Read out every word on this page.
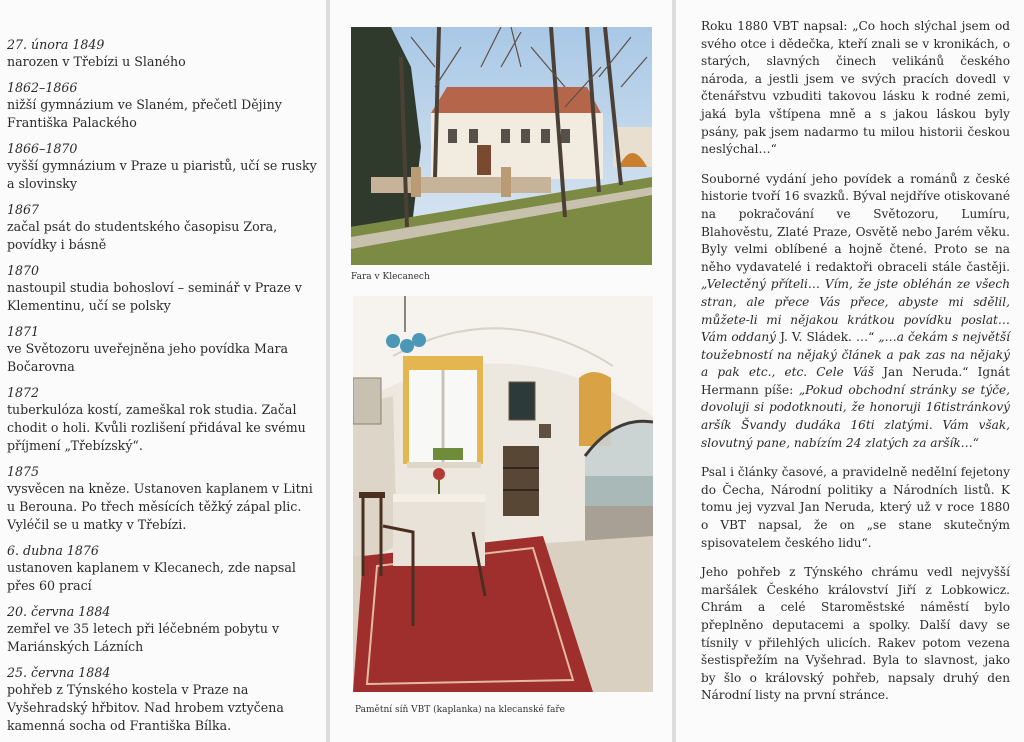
27. února 1849
narozen v Třebízi u Slaného
1862–1866
nižší gymnázium ve Slaném, přečetl Dějiny Františka Palackého
1866–1870
vyšší gymnázium v Praze u piaristů, učí se rusky a slovinsky
1867
začal psát do studentského časopisu Zora, povídky i básně
1870
nastoupil studia bohosloví – seminář v Praze v Klementinu, učí se polsky
1871
ve Světozoru uveřejněna jeho povídka Mara Bočarovna
1872
tuberkulóza kostí, zameškal rok studia. Začal chodit o holi. Kvůli rozlišení přidával ke svému příjmení „Třebízský“.
1875
vysvěcen na kněze. Ustanoven kaplanem v Litni u Berouna. Po třech měsících těžký zápal plic. Vyléčil se u matky v Třebízi.
6. dubna 1876
ustanoven kaplanem v Klecanech, zde napsal přes 60 prací
20. června 1884
zemřel ve 35 letech při léčebném pobytu v Mariánských Lázních
25. června 1884
pohřeb z Týnského kostela v Praze na Vyšehradský hřbitov. Nad hrobem vztyčena kamenná socha od Františka Bílka.
Fara v Klecanech
Pamětní síň VBT (kaplanka) na klecanské faře

Roku 1880 VBT napsal: „Co hoch slýchal jsem od svého otce i dědečka, kteří znali se v kronikách, o starých, slavných činech velikánů českého národa, a jestli jsem ve svých pracích dovedl v čtenářstvu vzbuditi takovou lásku k rodné zemi, jaká byla vštípena mně a s jakou láskou byly psány, pak jsem nadarmo tu milou historii českou neslýchal…“

Souborné vydání jeho povídek a románů z české historie tvoří 16 svazků. Býval nejdříve otiskované na pokračování ve Světozoru, Lumíru, Blahověstu, Zlaté Praze, Osvětě nebo Jarém věku. Byly velmi oblíbené a hojně čtené. Proto se na něho vydavatelé i redaktoři obraceli stále častěji. „Velectěný příteli… Vím, že jste obléhán ze všech stran, ale přece Vás přece, abyste mi sdělil, můžete-li mi nějakou krátkou povídku poslat… Vám oddaný J. V. Sládek. …“ „…a čekám s největší toužebností na nějaký článek a pak zas na nějaký a pak etc., etc. Cele Váš Jan Neruda.“ Ignát Hermann píše: „Pokud obchodní stránky se týče, dovoluji si podotknouti, že honoruji 16tistránkový aršík Švandy dudáka 16ti zlatými. Vám však, slovutný pane, nabízím 24 zlatých za aršík…“

Psal i články časové, a pravidelně nedělní fejetony do Čecha, Národní politiky a Národních listů. K tomu jej vyzval Jan Neruda, který už v roce 1880 o VBT napsal, že on „se stane skutečným spisovatelem českého lidu“.

Jeho pohřeb z Týnského chrámu vedl nejvyšší maršálek Českého království Jiří z Lobkowicz. Chrám a celé Staroměstské náměstí bylo přeplněno deputacemi a spolky. Další davy se tísnily v přilehlých ulicích. Rakev potom vezena šestispřežím na Vyšehrad. Byla to slavnost, jako by šlo o královský pohřeb, napsaly druhý den Národní listy na první stránce.
